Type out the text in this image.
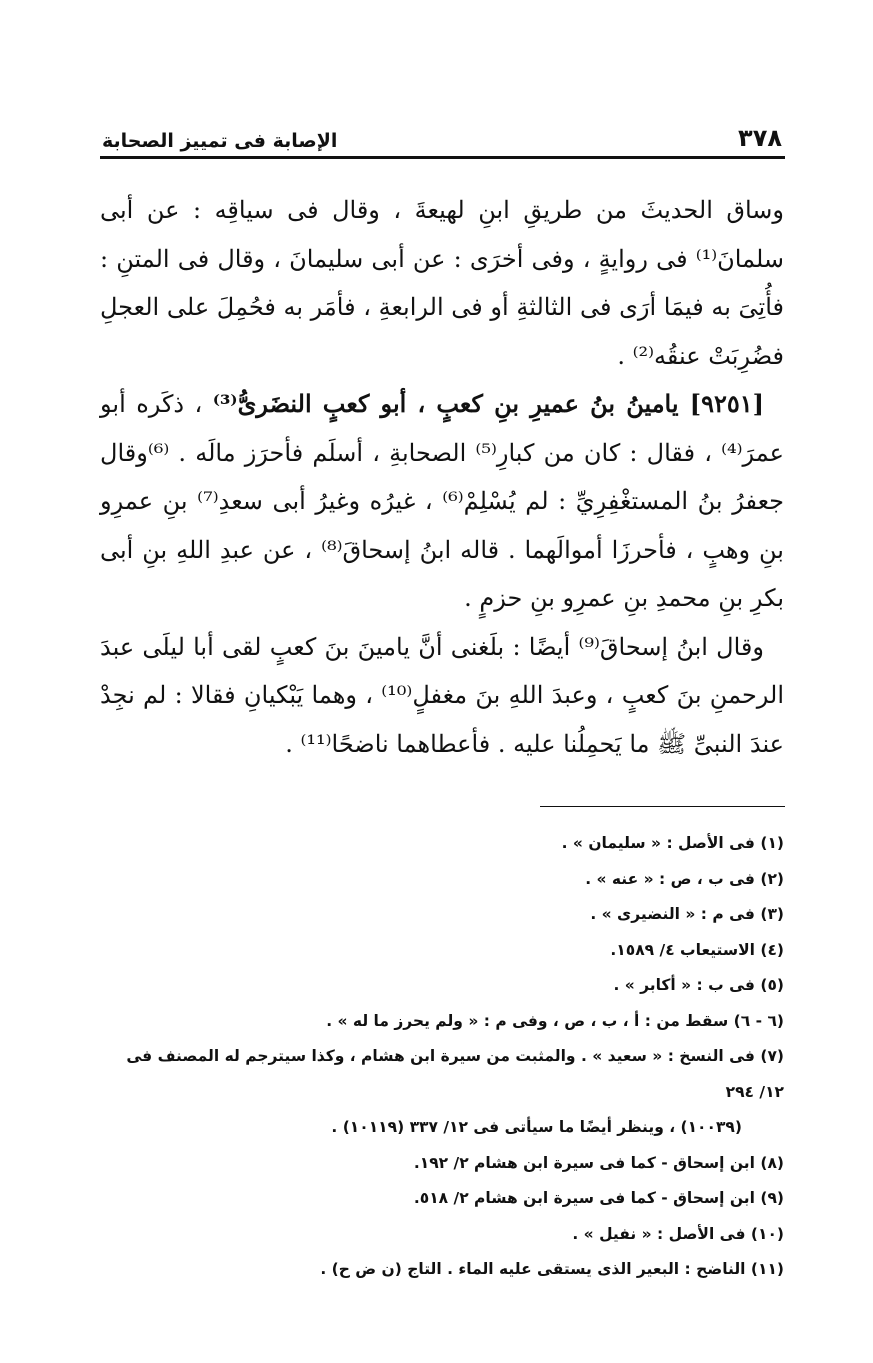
٣٧٨
الإصابة فى تمييز الصحابة

وساق الحديثَ من طريقِ ابنِ لهيعةَ ، وقال فى سياقِه : عن أبى سلمانَ⁽¹⁾ فى روايةٍ ، وفى أخرَى : عن أبى سليمانَ ، وقال فى المتنِ : فأُتِىَ به فيمَا أرَى فى الثالثةِ أو فى الرابعةِ ، فأمَر به فحُمِلَ على العجلِ فضُرِبَتْ عنقُه⁽²⁾ .

[٩٢٥١] يامينُ بنُ عميرِ بنِ كعبٍ ، أبو كعبٍ النضَرىُّ⁽³⁾ ، ذكَره أبو عمرَ⁽⁴⁾ ، فقال : كان من كبارِ⁽⁵⁾ الصحابةِ ، أسلَم فأحرَز مالَه . ⁽⁶⁾وقال جعفرُ بنُ المستغْفِرِيِّ : لم يُسْلِمْ⁽⁶⁾ ، غيرُه وغيرُ أبى سعدِ⁽⁷⁾ بنِ عمرِو بنِ وهبٍ ، فأحرزَا أموالَهما . قاله ابنُ إسحاقَ⁽⁸⁾ ، عن عبدِ اللهِ بنِ أبى بكرِ بنِ محمدِ بنِ عمرِو بنِ حزمٍ .

وقال ابنُ إسحاقَ⁽⁹⁾ أيضًا : بلَغنى أنَّ يامينَ بنَ كعبٍ لقى أبا ليلَى عبدَ الرحمنِ بنَ كعبٍ ، وعبدَ اللهِ بنَ مغفلٍ⁽¹⁰⁾ ، وهما يَبْكيانِ فقالا : لم نجِدْ عندَ النبىِّ ﷺ ما يَحمِلُنا عليه . فأعطاهما ناضحًا⁽¹¹⁾ .

(١) فى الأصل : « سليمان » .
(٢) فى ب ، ص : « عنه » .
(٣) فى م : « النضيرى » .
(٤) الاستيعاب ٤/ ١٥٨٩.
(٥) فى ب : « أكابر » .
(٦ - ٦) سقط من : أ ، ب ، ص ، وفى م : « ولم يحرز ما له » .
(٧) فى النسخ : « سعيد » . والمثبت من سيرة ابن هشام ، وكذا سيترجم له المصنف فى ١٢/ ٢٩٤
(١٠٠٣٩) ، وينظر أيضًا ما سيأتى فى ١٢/ ٣٣٧ (١٠١١٩) .
(٨) ابن إسحاق - كما فى سيرة ابن هشام ٢/ ١٩٢.
(٩) ابن إسحاق - كما فى سيرة ابن هشام ٢/ ٥١٨.
(١٠) فى الأصل : « نفيل » .
(١١) الناضح : البعير الذى يستقى عليه الماء . التاج (ن ض ح) .
